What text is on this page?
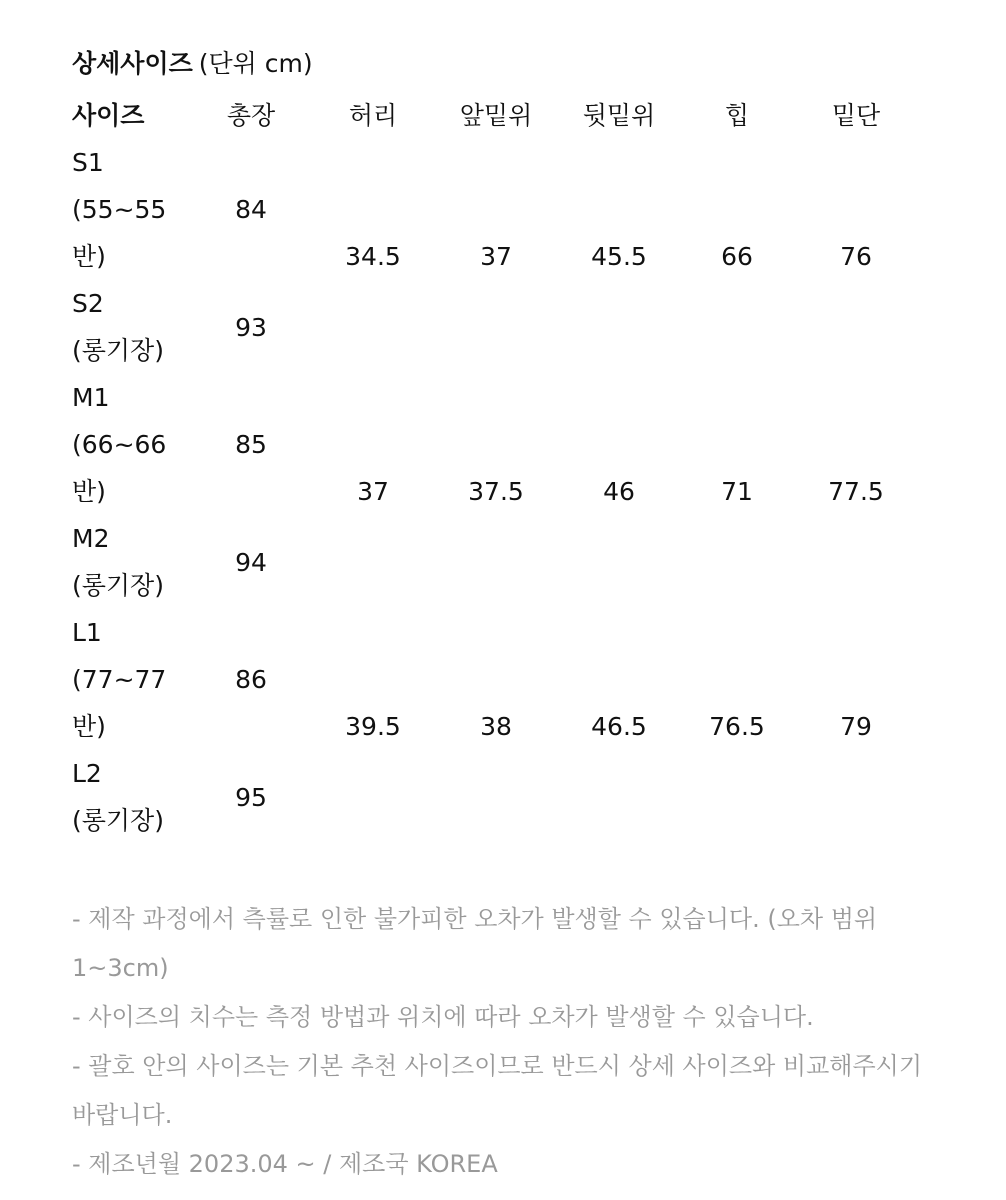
상세사이즈 (단위 cm)
사이즈	총장	허리	앞밑위	뒷밑위	힙	밑단
S1
(55~55
반)	84	34.5	37	45.5	66	76
S2
(롱기장)	93					
M1
(66~66
반)	85	37	37.5	46	71	77.5
M2
(롱기장)	94					
L1
(77~77
반)	86	39.5	38	46.5	76.5	79
L2
(롱기장)	95					

- 제작 과정에서 측률로 인한 불가피한 오차가 발생할 수 있습니다. (오차 범위 1~3cm)

- 사이즈의 치수는 측정 방법과 위치에 따라 오차가 발생할 수 있습니다.

- 괄호 안의 사이즈는 기본 추천 사이즈이므로 반드시 상세 사이즈와 비교해주시기 바랍니다.

- 제조년월 2023.04 ~ / 제조국 KOREA
